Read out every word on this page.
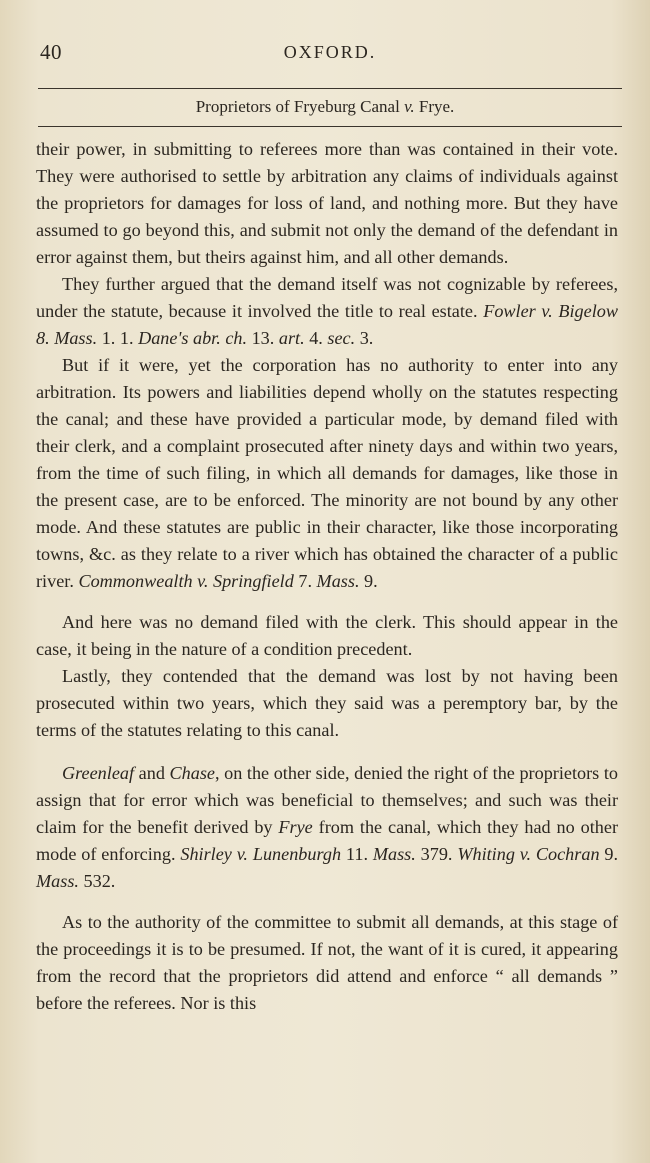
40	OXFORD.
Proprietors of Fryeburg Canal v. Frye.

their power, in submitting to referees more than was contained in their vote. They were authorised to settle by arbitration any claims of individuals against the proprietors for damages for loss of land, and nothing more. But they have assumed to go beyond this, and submit not only the demand of the defendant in error against them, but theirs against him, and all other demands.

They further argued that the demand itself was not cognizable by referees, under the statute, because it involved the title to real estate. Fowler v. Bigelow 8. Mass. 1. 1. Dane's abr. ch. 13. art. 4. sec. 3.

But if it were, yet the corporation has no authority to enter into any arbitration. Its powers and liabilities depend wholly on the statutes respecting the canal; and these have provided a particular mode, by demand filed with their clerk, and a complaint prosecuted after ninety days and within two years, from the time of such filing, in which all demands for damages, like those in the present case, are to be enforced. The minority are not bound by any other mode. And these statutes are public in their character, like those incorporating towns, &c. as they relate to a river which has obtained the character of a public river. Commonwealth v. Springfield 7. Mass. 9.

And here was no demand filed with the clerk. This should appear in the case, it being in the nature of a condition precedent.

Lastly, they contended that the demand was lost by not having been prosecuted within two years, which they said was a peremptory bar, by the terms of the statutes relating to this canal.

Greenleaf and Chase, on the other side, denied the right of the proprietors to assign that for error which was beneficial to themselves; and such was their claim for the benefit derived by Frye from the canal, which they had no other mode of enforcing. Shirley v. Lunenburgh 11. Mass. 379. Whiting v. Cochran 9. Mass. 532.

As to the authority of the committee to submit all demands, at this stage of the proceedings it is to be presumed. If not, the want of it is cured, it appearing from the record that the proprietors did attend and enforce “ all demands ” before the referees. Nor is this
